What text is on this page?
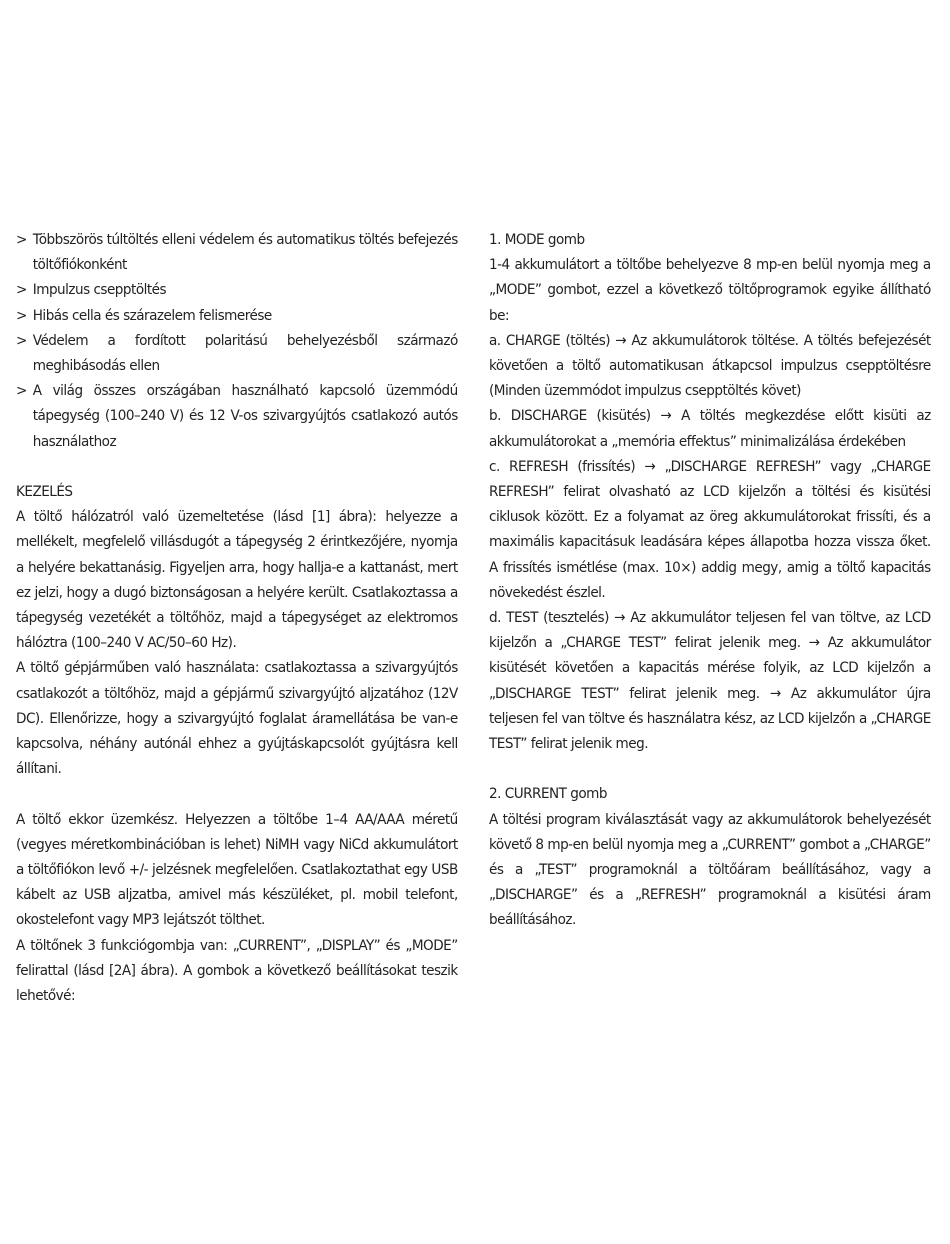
> Többszörös túltöltés elleni védelem és automatikus töltés befejezés töltőfiókonként
> Impulzus csepptöltés
> Hibás cella és szárazelem felismerése
> Védelem a fordított polaritású behelyezésből származó meghibásodás ellen
> A világ összes országában használható kapcsoló üzemmódú tápegység (100–240 V) és 12 V-os szivargyújtós csatlakozó autós használathoz

KEZELÉS

A töltő hálózatról való üzemeltetése (lásd [1] ábra): helyezze a mellékelt, megfelelő villásdugót a tápegység 2 érintkezőjére, nyomja a helyére bekattanásig. Figyeljen arra, hogy hallja-e a kattanást, mert ez jelzi, hogy a dugó biztonságosan a helyére került. Csatlakoztassa a tápegység vezetékét a töltőhöz, majd a tápegységet az elektromos hálóztra (100–240 V AC/50–60 Hz).

A töltő gépjárműben való használata: csatlakoztassa a szivargyújtós csatlakozót a töltőhöz, majd a gépjármű szivargyújtó aljzatához (12V DC). Ellenőrizze, hogy a szivargyújtó foglalat áramellátása be van-e kapcsolva, néhány autónál ehhez a gyújtáskapcsolót gyújtásra kell állítani.

A töltő ekkor üzemkész. Helyezzen a töltőbe 1–4 AA/AAA méretű (vegyes méretkombinációban is lehet) NiMH vagy NiCd akkumulátort a töltőfiókon levő +/- jelzésnek megfelelően. Csatlakoztathat egy USB kábelt az USB aljzatba, amivel más készüléket, pl. mobil telefont, okostelefont vagy MP3 lejátszót tölthet.

A töltőnek 3 funkciógombja van: „CURRENT”, „DISPLAY” és „MODE” felirattal (lásd [2A] ábra). A gombok a következő beállításokat teszik lehetővé:

1. MODE gomb

1-4 akkumulátort a töltőbe behelyezve 8 mp-en belül nyomja meg a „MODE” gombot, ezzel a következő töltőprogramok egyike állítható be:

a. CHARGE (töltés) → Az akkumulátorok töltése. A töltés befejezését követően a töltő automatikusan átkapcsol impulzus csepptöltésre (Minden üzemmódot impulzus csepptöltés követ)

b. DISCHARGE (kisütés) → A töltés megkezdése előtt kisüti az akkumulátorokat a „memória effektus” minimalizálása érdekében

c. REFRESH (frissítés) → „DISCHARGE REFRESH” vagy „CHARGE REFRESH” felirat olvasható az LCD kijelzőn a töltési és kisütési ciklusok között. Ez a folyamat az öreg akkumulátorokat frissíti, és a maximális kapacitásuk leadására képes állapotba hozza vissza őket. A frissítés ismétlése (max. 10×) addig megy, amig a töltő kapacitás növekedést észlel.

d. TEST (tesztelés) → Az akkumulátor teljesen fel van töltve, az LCD kijelzőn a „CHARGE TEST” felirat jelenik meg. → Az akkumulátor kisütését követően a kapacitás mérése folyik, az LCD kijelzőn a „DISCHARGE TEST” felirat jelenik meg. → Az akkumulátor újra teljesen fel van töltve és használatra kész, az LCD kijelzőn a „CHARGE TEST” felirat jelenik meg.

2. CURRENT gomb

A töltési program kiválasztását vagy az akkumulátorok behelyezését követő 8 mp-en belül nyomja meg a „CURRENT” gombot a „CHARGE” és a „TEST” programoknál a töltőáram beállításához, vagy a „DISCHARGE” és a „REFRESH” programoknál a kisütési áram beállításához.
